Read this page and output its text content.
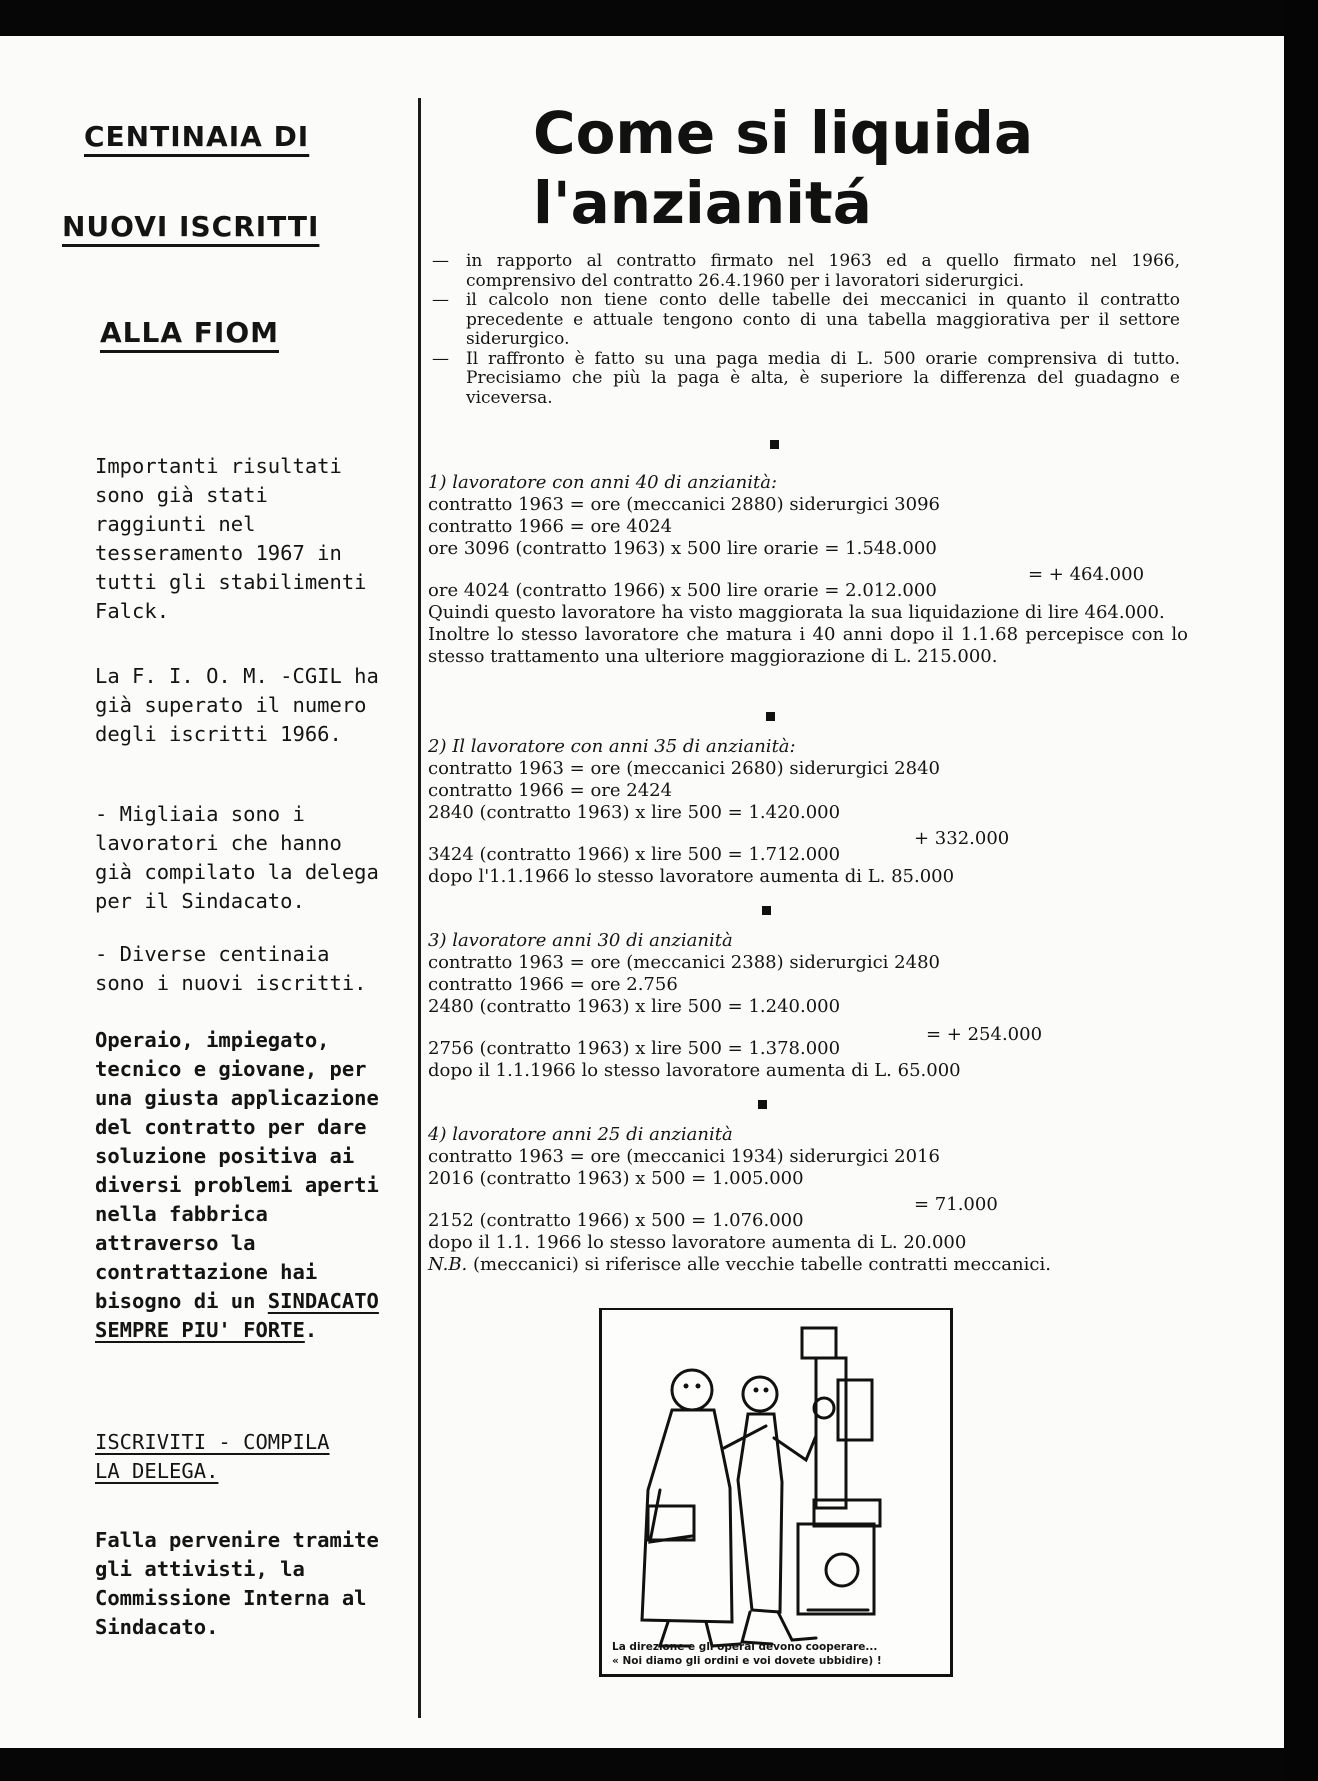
CENTINAIA DI
NUOVI ISCRITTI
ALLA FIOM
Importanti risultati sono già stati raggiunti nel tesseramento 1967 in tutti gli stabilimenti Falck.
La F. I. O. M. -CGIL ha già superato il numero degli iscritti 1966.
- Migliaia sono i lavoratori che hanno già compilato la delega per il Sindacato.
- Diverse centinaia sono i nuovi iscritti.
Operaio, impiegato, tecnico e giovane, per una giusta applicazione del contratto per dare soluzione positiva ai diversi problemi aperti nella fabbrica attraverso la contrattazione hai bisogno di un SINDACATO SEMPRE PIU' FORTE.
ISCRIVITI - COMPILA LA DELEGA.
Falla pervenire tramite gli attivisti, la Commissione Interna al Sindacato.
Come si liquida
l'anzianitá
—	in rapporto al contratto firmato nel 1963 ed a quello firmato nel 1966, comprensivo del contratto 26.4.1960 per i lavoratori siderurgici.
—	il calcolo non tiene conto delle tabelle dei meccanici in quanto il contratto precedente e attuale tengono conto di una tabella maggiorativa per il settore siderurgico.
—	Il raffronto è fatto su una paga media di L. 500 orarie comprensiva di tutto. Precisiamo che più la paga è alta, è superiore la differenza del guadagno e viceversa.
1) lavoratore con anni 40 di anzianità:
contratto 1963 = ore (meccanici 2880) siderurgici 3096
contratto 1966 = ore 4024
ore 3096 (contratto 1963) x 500 lire orarie = 1.548.000
ore 4024 (contratto 1966) x 500 lire orarie = 2.012.000
Quindi questo lavoratore ha visto maggiorata la sua liquidazione di lire 464.000.
Inoltre lo stesso lavoratore che matura i 40 anni dopo il 1.1.68 percepisce con lo stesso trattamento una ulteriore maggiorazione di L. 215.000.
= + 464.000
2) Il lavoratore con anni 35 di anzianità:
contratto 1963 = ore (meccanici 2680) siderurgici 2840
contratto 1966 = ore 2424
2840 (contratto 1963) x lire 500 = 1.420.000
3424 (contratto 1966) x lire 500 = 1.712.000
dopo l'1.1.1966 lo stesso lavoratore aumenta di L. 85.000
+ 332.000
3) lavoratore anni 30 di anzianità
contratto 1963 = ore (meccanici 2388) siderurgici 2480
contratto 1966 = ore 2.756
2480 (contratto 1963) x lire 500 = 1.240.000
2756 (contratto 1963) x lire 500 = 1.378.000
dopo il 1.1.1966 lo stesso lavoratore aumenta di L. 65.000
= + 254.000
4) lavoratore anni 25 di anzianità
contratto 1963 = ore (meccanici 1934) siderurgici 2016
2016 (contratto 1963) x 500 = 1.005.000
2152 (contratto 1966) x 500 = 1.076.000
dopo il 1.1. 1966 lo stesso lavoratore aumenta di L. 20.000
N.B. (meccanici) si riferisce alle vecchie tabelle contratti meccanici.
= 71.000
La direzione e gli operai devono cooperare...
« Noi diamo gli ordini e voi dovete ubbidire) !
